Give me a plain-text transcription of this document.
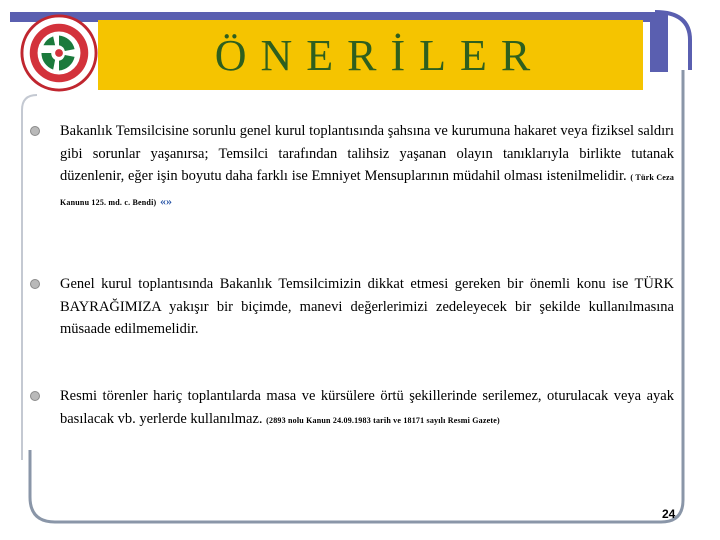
ÖNERİLER
Bakanlık Temsilcisine sorunlu genel kurul toplantısında şahsına ve kurumuna hakaret veya fiziksel saldırı gibi sorunlar yaşanırsa; Temsilci tarafından talihsiz yaşanan olayın tanıklarıyla birlikte tutanak düzenlenir, eğer işin boyutu daha farklı ise Emniyet Mensuplarının müdahil olması istenilmelidir. ( Türk Ceza Kanunu 125. md. c. Bendi) «»
Genel kurul toplantısında Bakanlık Temsilcimizin dikkat etmesi gereken bir önemli konu ise TÜRK BAYRAĞIMIZA yakışır bir biçimde, manevi değerlerimizi zedeleyecek bir şekilde kullanılmasına müsaade edilmemelidir.
Resmi törenler hariç toplantılarda masa ve kürsülere örtü şekillerinde serilemez, oturulacak veya ayak basılacak vb. yerlerde kullanılmaz. (2893 nolu Kanun 24.09.1983 tarih ve 18171 sayılı Resmi Gazete)
24
